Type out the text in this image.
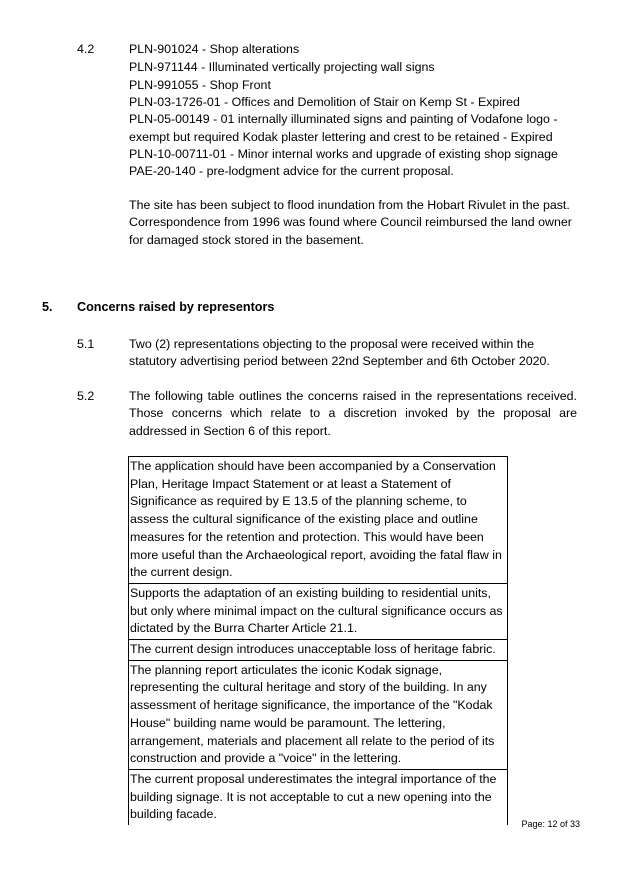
4.2	PLN-901024 - Shop alterations
PLN-971144 - Illuminated vertically projecting wall signs
PLN-991055 - Shop Front
PLN-03-1726-01 - Offices and Demolition of Stair on Kemp St - Expired
PLN-05-00149 - 01 internally illuminated signs and painting of Vodafone logo -
exempt but required Kodak plaster lettering and crest to be retained - Expired
PLN-10-00711-01 - Minor internal works and upgrade of existing shop signage
PAE-20-140 - pre-lodgment advice for the current proposal.
The site has been subject to flood inundation from the Hobart Rivulet in the past. Correspondence from 1996 was found where Council reimbursed the land owner for damaged stock stored in the basement.
5. Concerns raised by representors
5.1	Two (2) representations objecting to the proposal were received within the statutory advertising period between 22nd September and 6th October 2020.
5.2	The following table outlines the concerns raised in the representations received. Those concerns which relate to a discretion invoked by the proposal are addressed in Section 6 of this report.
The application should have been accompanied by a Conservation Plan, Heritage Impact Statement or at least a Statement of Significance as required by E 13.5 of the planning scheme, to assess the cultural significance of the existing place and outline measures for the retention and protection. This would have been more useful than the Archaeological report, avoiding the fatal flaw in the current design.
Supports the adaptation of an existing building to residential units, but only where minimal impact on the cultural significance occurs as dictated by the Burra Charter Article 21.1.
The current design introduces unacceptable loss of heritage fabric.
The planning report articulates the iconic Kodak signage, representing the cultural heritage and story of the building. In any assessment of heritage significance, the importance of the "Kodak House" building name would be paramount. The lettering, arrangement, materials and placement all relate to the period of its construction and provide a "voice" in the lettering.
The current proposal underestimates the integral importance of the building signage. It is not acceptable to cut a new opening into the building facade.
Page: 12 of 33
